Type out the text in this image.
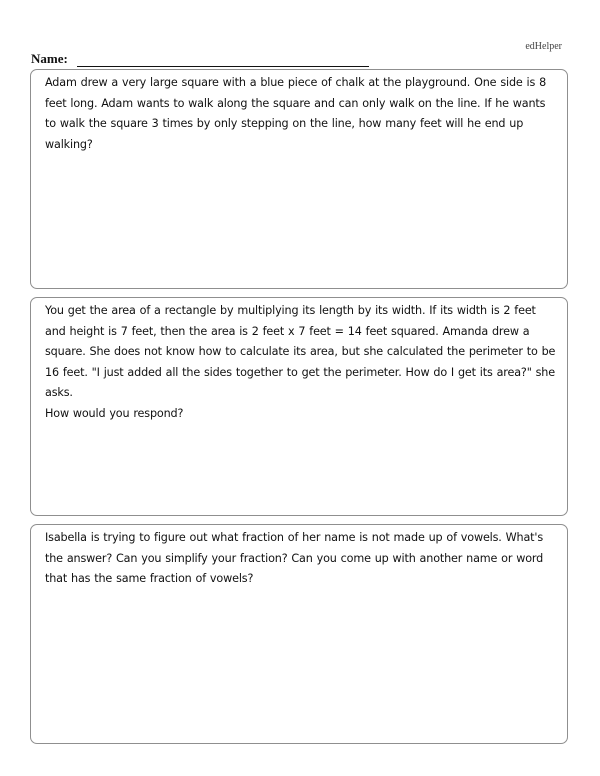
edHelper
Name:

Adam drew a very large square with a blue piece of chalk at the playground. One side is 8 feet long. Adam wants to walk along the square and can only walk on the line. If he wants to walk the square 3 times by only stepping on the line, how many feet will he end up walking?

You get the area of a rectangle by multiplying its length by its width. If its width is 2 feet and height is 7 feet, then the area is 2 feet x 7 feet = 14 feet squared. Amanda drew a square. She does not know how to calculate its area, but she calculated the perimeter to be 16 feet. "I just added all the sides together to get the perimeter. How do I get its area?" she asks.

How would you respond?

Isabella is trying to figure out what fraction of her name is not made up of vowels. What's the answer? Can you simplify your fraction? Can you come up with another name or word that has the same fraction of vowels?
